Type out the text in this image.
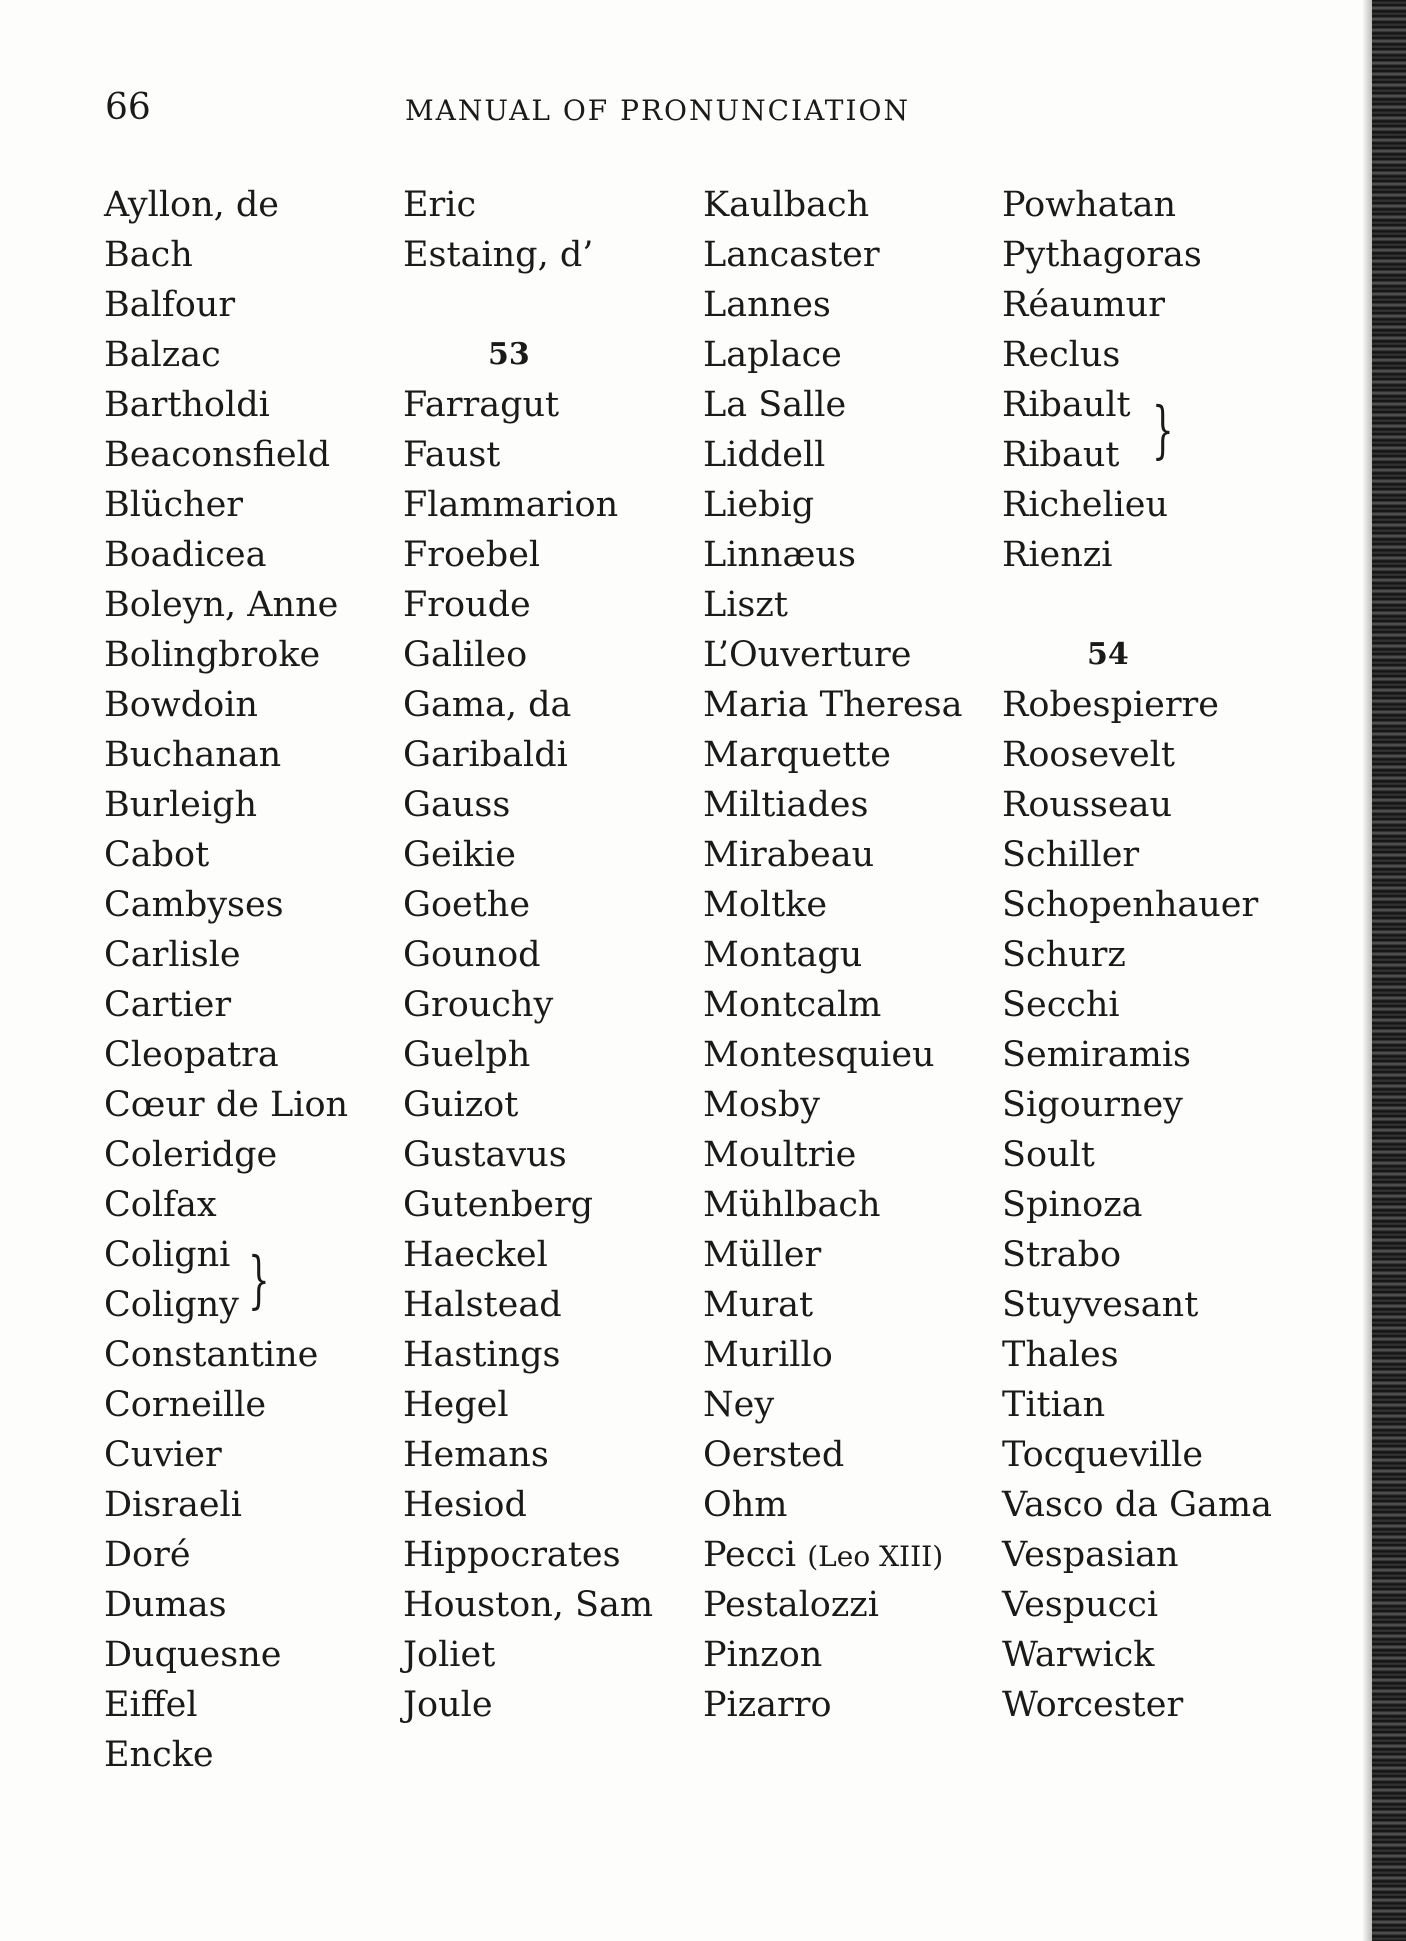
66	MANUAL OF PRONUNCIATION
Ayllon, de
Bach
Balfour
Balzac
Bartholdi
Beaconsfield
Blücher
Boadicea
Boleyn, Anne
Bolingbroke
Bowdoin
Buchanan
Burleigh
Cabot
Cambyses
Carlisle
Cartier
Cleopatra
Cœur de Lion
Coleridge
Colfax
Coligni }
Coligny
Constantine
Corneille
Cuvier
Disraeli
Doré
Dumas
Duquesne
Eiffel
Encke
Eric
Estaing, d’
53
Farragut
Faust
Flammarion
Froebel
Froude
Galileo
Gama, da
Garibaldi
Gauss
Geikie
Goethe
Gounod
Grouchy
Guelph
Guizot
Gustavus
Gutenberg
Haeckel
Halstead
Hastings
Hegel
Hemans
Hesiod
Hippocrates
Houston, Sam
Joliet
Joule
Kaulbach
Lancaster
Lannes
Laplace
La Salle
Liddell
Liebig
Linnæus
Liszt
L’Ouverture
Maria Theresa
Marquette
Miltiades
Mirabeau
Moltke
Montagu
Montcalm
Montesquieu
Mosby
Moultrie
Mühlbach
Müller
Murat
Murillo
Ney
Oersted
Ohm
Pecci (Leo XIII)
Pestalozzi
Pinzon
Pizarro
Powhatan
Pythagoras
Réaumur
Reclus
Ribault }
Ribaut
Richelieu
Rienzi
54
Robespierre
Roosevelt
Rousseau
Schiller
Schopenhauer
Schurz
Secchi
Semiramis
Sigourney
Soult
Spinoza
Strabo
Stuyvesant
Thales
Titian
Tocqueville
Vasco da Gama
Vespasian
Vespucci
Warwick
Worcester
